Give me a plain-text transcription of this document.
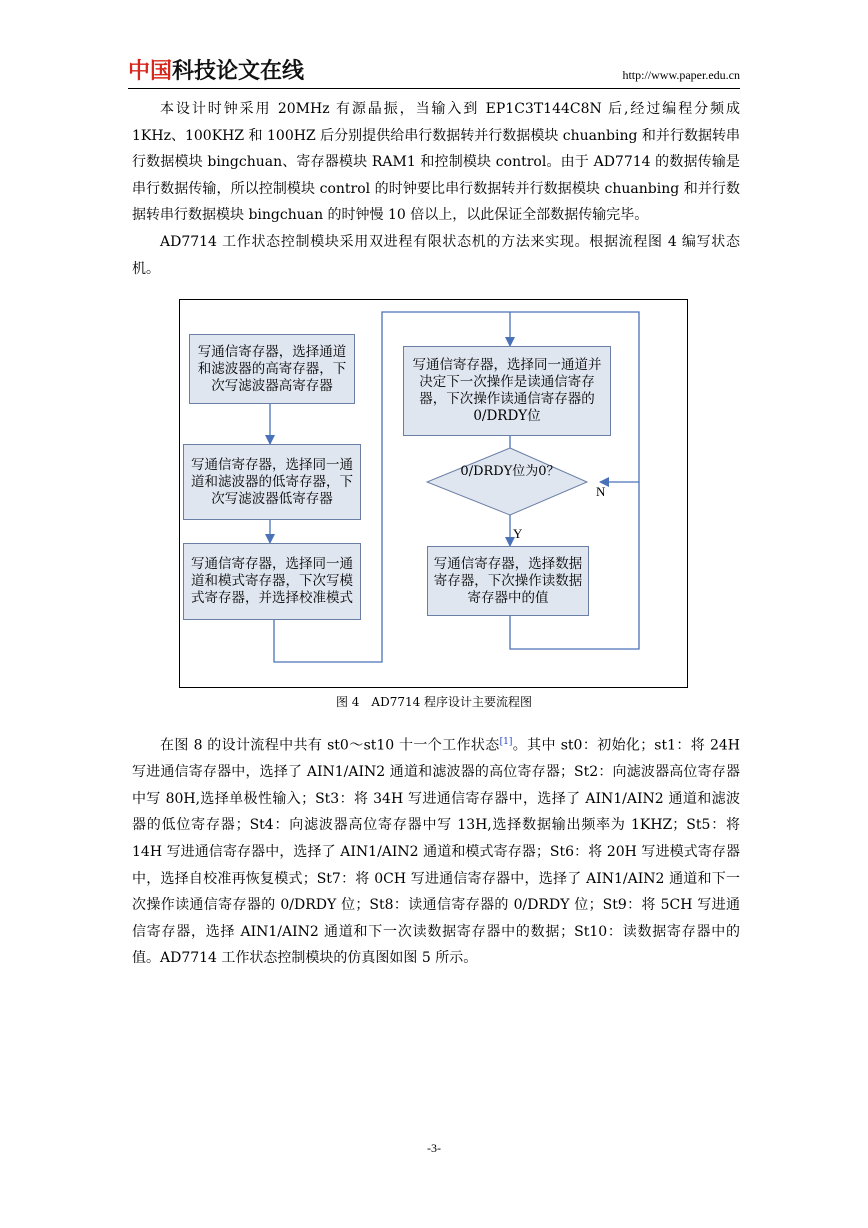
中国科技论文在线	http://www.paper.edu.cn

本设计时钟采用 20MHz 有源晶振，当输入到 EP1C3T144C8N 后,经过编程分频成 1KHz、100KHZ 和 100HZ 后分别提供给串行数据转并行数据模块 chuanbing 和并行数据转串行数据模块 bingchuan、寄存器模块 RAM1 和控制模块 control。由于 AD7714 的数据传输是串行数据传输，所以控制模块 control 的时钟要比串行数据转并行数据模块 chuanbing 和并行数据转串行数据模块 bingchuan 的时钟慢 10 倍以上，以此保证全部数据传输完毕。

AD7714 工作状态控制模块采用双进程有限状态机的方法来实现。根据流程图 4 编写状态机。

写通信寄存器，选择通道和滤波器的高寄存器，下次写滤波器高寄存器
写通信寄存器，选择同一通道和滤波器的低寄存器，下次写滤波器低寄存器
写通信寄存器，选择同一通道和模式寄存器，下次写模式寄存器，并选择校准模式
写通信寄存器，选择同一通道并决定下一次操作是读通信寄存器，下次操作读通信寄存器的0/DRDY位
0/DRDY位为0？
写通信寄存器，选择数据寄存器，下次操作读数据寄存器中的值
N
Y
图 4　AD7714 程序设计主要流程图

在图 8 的设计流程中共有 st0～st10 十一个工作状态[1]。其中 st0：初始化；st1：将 24H 写进通信寄存器中，选择了 AIN1/AIN2 通道和滤波器的高位寄存器；St2：向滤波器高位寄存器中写 80H,选择单极性输入；St3：将 34H 写进通信寄存器中，选择了 AIN1/AIN2 通道和滤波器的低位寄存器；St4：向滤波器高位寄存器中写 13H,选择数据输出频率为 1KHZ；St5：将 14H 写进通信寄存器中，选择了 AIN1/AIN2 通道和模式寄存器；St6：将 20H 写进模式寄存器中，选择自校准再恢复模式；St7：将 0CH 写进通信寄存器中，选择了 AIN1/AIN2 通道和下一次操作读通信寄存器的 0/DRDY 位；St8：读通信寄存器的 0/DRDY 位；St9：将 5CH 写进通信寄存器，选择 AIN1/AIN2 通道和下一次读数据寄存器中的数据；St10：读数据寄存器中的值。AD7714 工作状态控制模块的仿真图如图 5 所示。

-3-
